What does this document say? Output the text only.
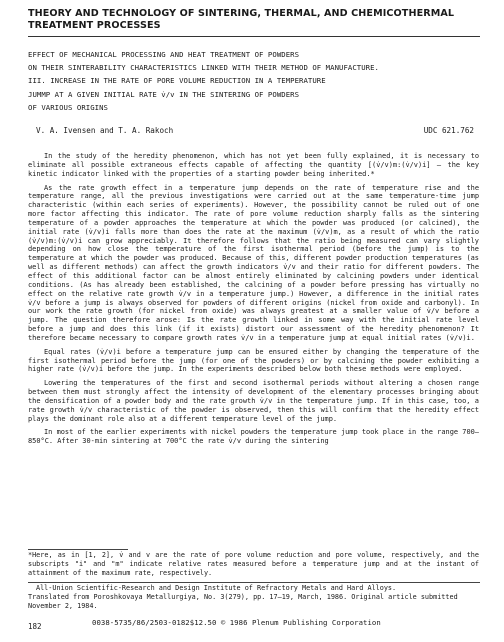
THEORY AND TECHNOLOGY OF SINTERING, THERMAL, AND CHEMICOTHERMAL
TREATMENT PROCESSES
EFFECT OF MECHANICAL PROCESSING AND HEAT TREATMENT OF POWDERS
ON THEIR SINTERABILITY CHARACTERISTICS LINKED WITH THEIR METHOD OF MANUFACTURE.
III. INCREASE IN THE RATE OF PORE VOLUME REDUCTION IN A TEMPERATURE
JUMMP AT A GIVEN INITIAL RATE v̇/v IN THE SINTERING OF POWDERS
OF VARIOUS ORIGINS
V. A. Ivensen and T. A. Rakoch	UDC 621.762

In the study of the heredity phenomenon, which has not yet been fully explained, it is necessary to eliminate all possible extraneous effects capable of affecting the quantity [(v̇/v)m:(v̇/v)i] – the key kinetic indicator linked with the properties of a starting powder being inherited.*

As the rate growth effect in a temperature jump depends on the rate of temperature rise and the temperature range, all the previous investigations were carried out at the same temperature-time jump characteristic (within each series of experiments). However, the possibility cannot be ruled out of one more factor affecting this indicator. The rate of pore volume reduction sharply falls as the sintering temperature of a powder approaches the temperature at which the powder was produced (or calcined), the initial rate (v̇/v)i falls more than does the rate at the maximum (v̇/v)m, as a result of which the ratio (v̇/v)m:(v̇/v)i can grow appreciably. It therefore follows that the ratio being measured can vary slightly depending on how close the temperature of the first isothermal period (before the jump) is to the temperature at which the powder was produced. Because of this, different powder production temperatures (as well as different methods) can affect the growth indicators v̇/v and their ratio for different powders. The effect of this additional factor can be almost entirely eliminated by calcining powders under identical conditions. (As has already been established, the calcining of a powder before pressing has virtually no effect on the relative rate growth v̇/v in a temperature jump.) However, a difference in the initial rates v̇/v before a jump is always observed for powders of different origins (nickel from oxide and carbonyl). In our work the rate growth (for nickel from oxide) was always greatest at a smaller value of v̇/v before a jump. The question therefore arose: Is the rate growth linked in some way with the initial rate level before a jump and does this link (if it exists) distort our assessment of the heredity phenomenon? It therefore became necessary to compare growth rates v̇/v in a temperature jump at equal initial rates (v̇/v)i.

Equal rates (v̇/v)i before a temperature jump can be ensured either by changing the temperature of the first isothermal period before the jump (for one of the powders) or by calcining the powder exhibiting a higher rate (v̇/v)i before the jump. In the experiments described below both these methods were employed.

Lowering the temperatures of the first and second isothermal periods without altering a chosen range between them must strongly affect the intensity of development of the elementary processes bringing about the densification of a powder body and the rate growth v̇/v in the temperature jump. If in this case, too, a rate growth v̇/v characteristic of the powder is observed, then this will confirm that the heredity effect plays the dominant role also at a different temperature level of the jump.

In most of the earlier experiments with nickel powders the temperature jump took place in the range 700–850°C. After 30-min sintering at 700°C the rate v̇/v during the sintering

*Here, as in [1, 2], v̇ and v are the rate of pore volume reduction and pore volume, respectively, and the subscripts "i" and "m" indicate relative rates measured before a temperature jump and at the instant of attainment of the maximum rate, respectively.

All-Union Scientific-Research and Design Institute of Refractory Metals and Hard Alloys.

Translated from Poroshkovaya Metallurgiya, No. 3(279), pp. 17–19, March, 1986. Original article submitted November 2, 1984.

182	0038-5735/86/2503-0182$12.50 © 1986 Plenum Publishing Corporation
